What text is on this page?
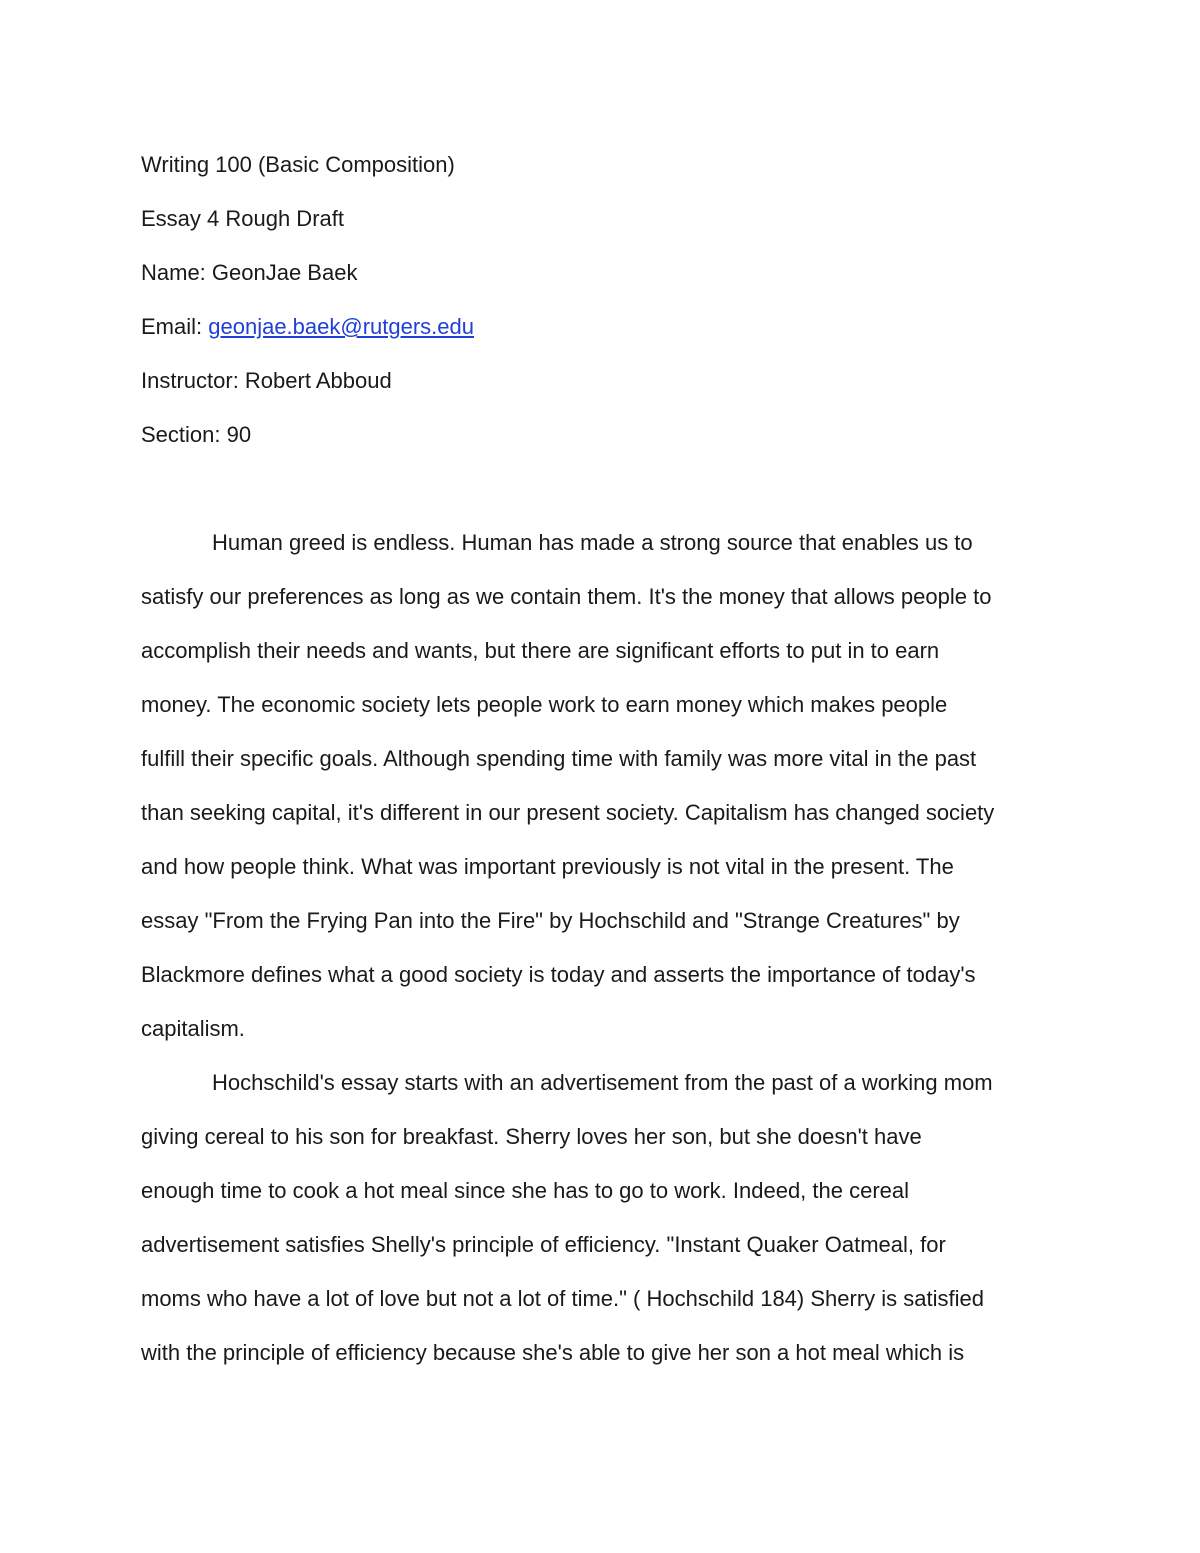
Writing 100 (Basic Composition)
Essay 4 Rough Draft
Name: GeonJae Baek
Email: geonjae.baek@rutgers.edu
Instructor: Robert Abboud
Section: 90
Human greed is endless. Human has made a strong source that enables us to
satisfy our preferences as long as we contain them. It's the money that allows people to
accomplish their needs and wants, but there are significant efforts to put in to earn
money. The economic society lets people work to earn money which makes people
fulfill their specific goals. Although spending time with family was more vital in the past
than seeking capital, it's different in our present society. Capitalism has changed society
and how people think. What was important previously is not vital in the present. The
essay "From the Frying Pan into the Fire" by Hochschild and "Strange Creatures" by
Blackmore defines what a good society is today and asserts the importance of today's
capitalism.
Hochschild's essay starts with an advertisement from the past of a working mom
giving cereal to his son for breakfast. Sherry loves her son, but she doesn't have
enough time to cook a hot meal since she has to go to work. Indeed, the cereal
advertisement satisfies Shelly's principle of efficiency. "Instant Quaker Oatmeal, for
moms who have a lot of love but not a lot of time." ( Hochschild 184) Sherry is satisfied
with the principle of efficiency because she's able to give her son a hot meal which is
